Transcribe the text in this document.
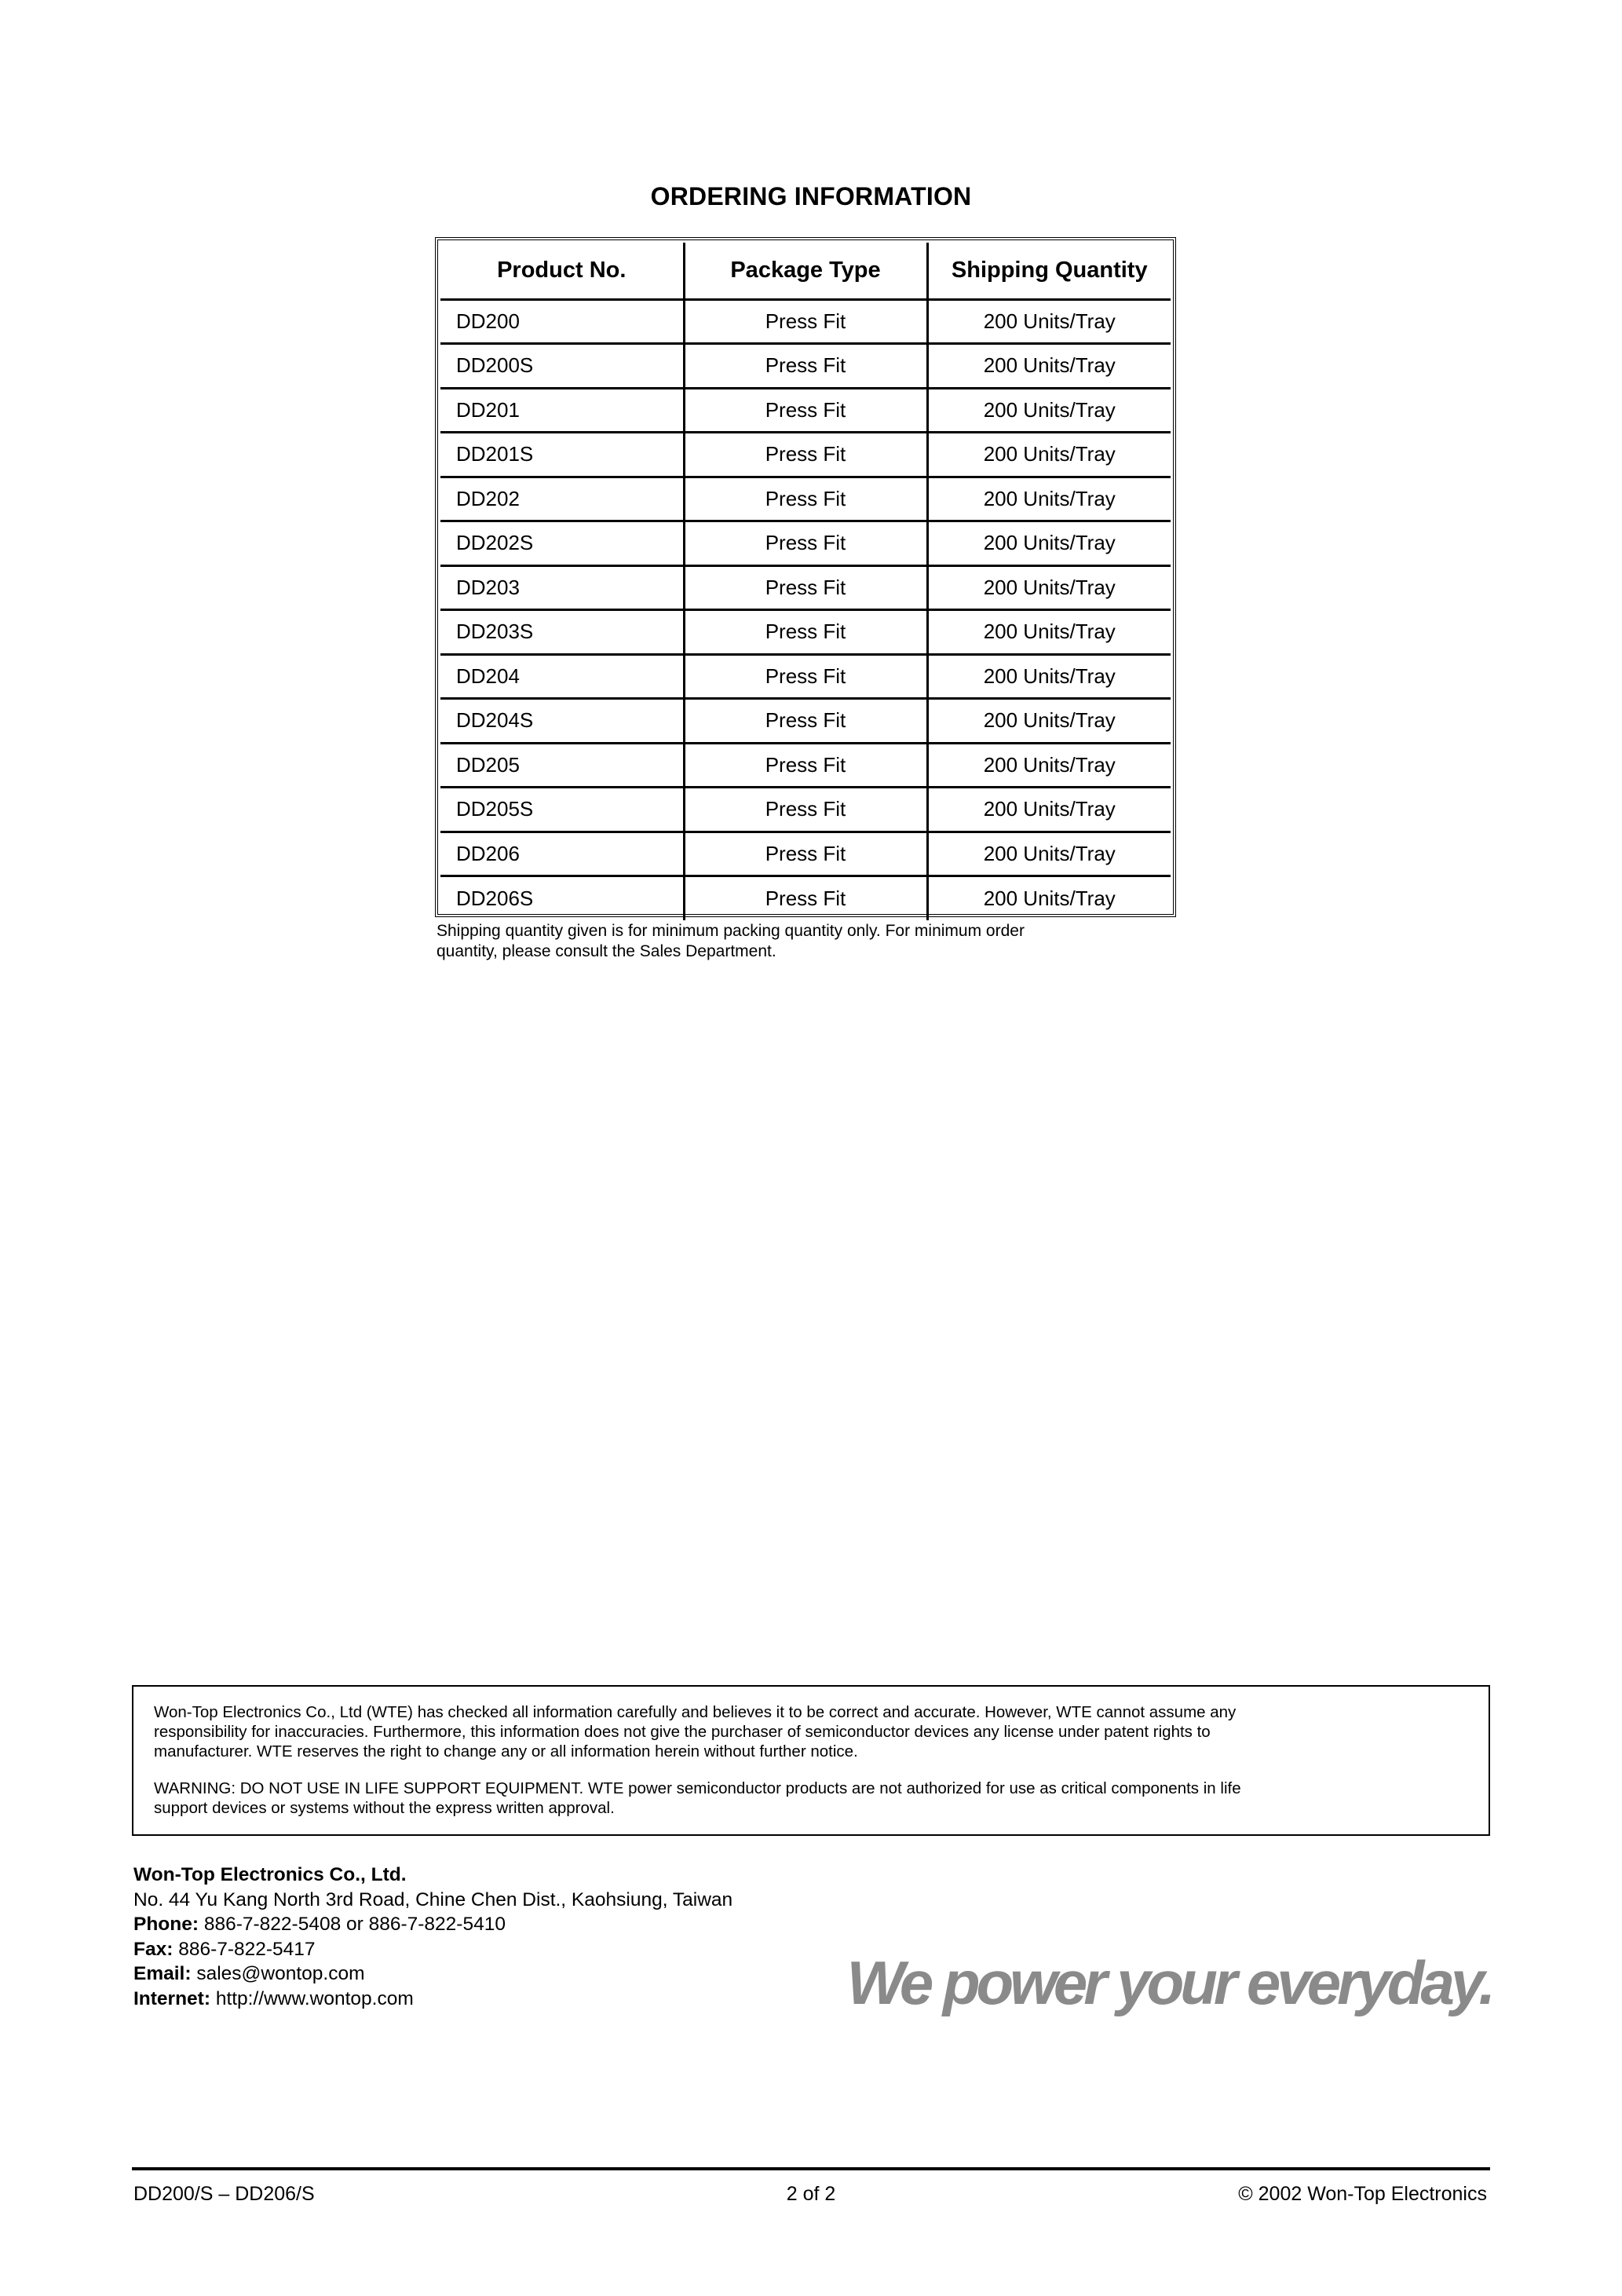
ORDERING INFORMATION
Product No.	Package Type	Shipping Quantity
DD200	Press Fit	200 Units/Tray
DD200S	Press Fit	200 Units/Tray
DD201	Press Fit	200 Units/Tray
DD201S	Press Fit	200 Units/Tray
DD202	Press Fit	200 Units/Tray
DD202S	Press Fit	200 Units/Tray
DD203	Press Fit	200 Units/Tray
DD203S	Press Fit	200 Units/Tray
DD204	Press Fit	200 Units/Tray
DD204S	Press Fit	200 Units/Tray
DD205	Press Fit	200 Units/Tray
DD205S	Press Fit	200 Units/Tray
DD206	Press Fit	200 Units/Tray
DD206S	Press Fit	200 Units/Tray
Shipping quantity given is for minimum packing quantity only. For minimum order
quantity, please consult the Sales Department.

Won-Top Electronics Co., Ltd (WTE) has checked all information carefully and believes it to be correct and accurate. However, WTE cannot assume any
responsibility for inaccuracies. Furthermore, this information does not give the purchaser of semiconductor devices any license under patent rights to
manufacturer. WTE reserves the right to change any or all information herein without further notice.

WARNING: DO NOT USE IN LIFE SUPPORT EQUIPMENT. WTE power semiconductor products are not authorized for use as critical components in life
support devices or systems without the express written approval.

Won-Top Electronics Co., Ltd.
No. 44 Yu Kang North 3rd Road, Chine Chen Dist., Kaohsiung, Taiwan
Phone: 886-7-822-5408 or 886-7-822-5410
Fax: 886-7-822-5417
Email: sales@wontop.com
Internet: http://www.wontop.com	We power your everyday.
DD200/S – DD206/S	2 of 2	© 2002 Won-Top Electronics
